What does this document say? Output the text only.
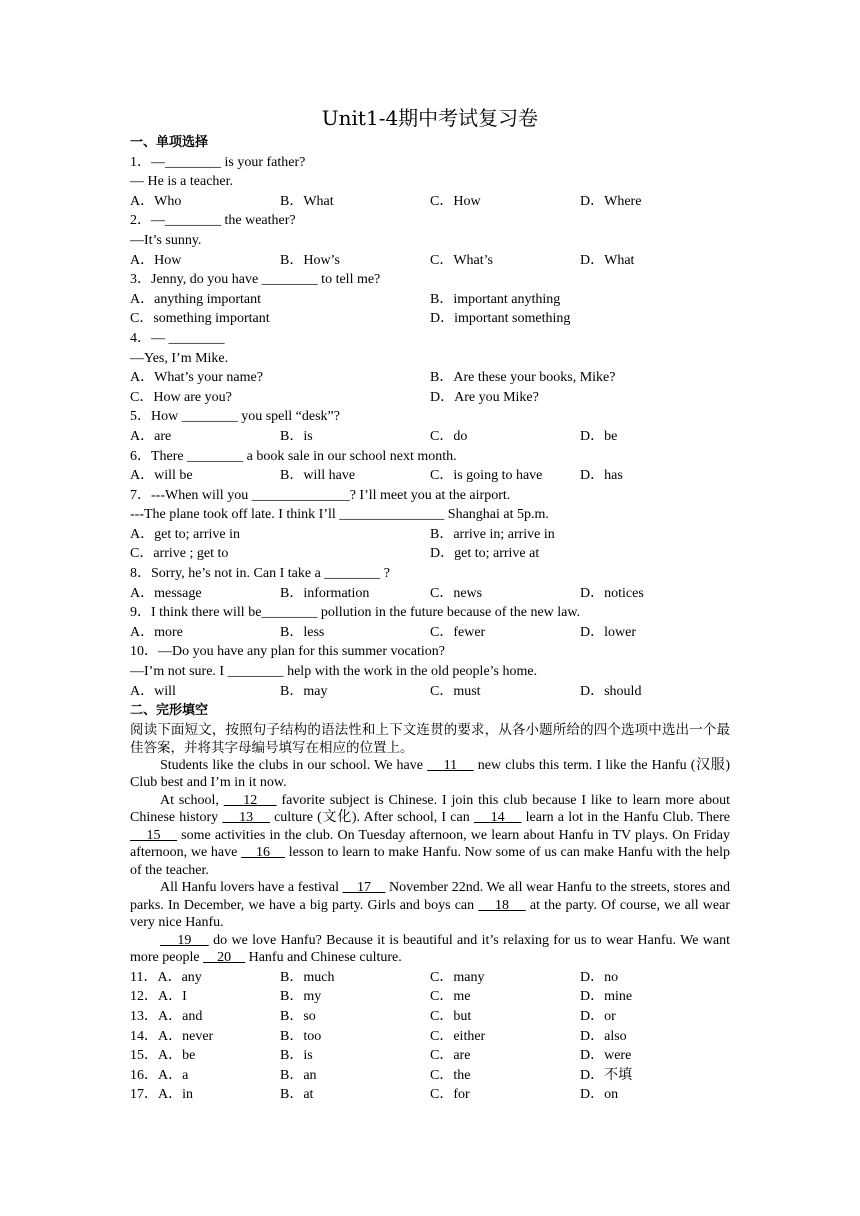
Unit1-4期中考试复习卷
一、单项选择
1．—________ is your father?
— He is a teacher.
A．Who	B．What	C．How	D．Where
2．—________ the weather?
—It’s sunny.
A．How	B．How’s	C．What’s	D．What
3．Jenny, do you have ________ to tell me?
A．anything important	B．important anything
C．something important	D．important something
4．— ________
—Yes, I’m Mike.
A．What’s your name?	B．Are these your books, Mike?
C．How are you?	D．Are you Mike?
5．How ________ you spell “desk”?
A．are	B．is	C．do	D．be
6．There ________ a book sale in our school next month.
A．will be	B．will have	C．is going to have	D．has
7．---When will you ______________? I’ll meet you at the airport.
---The plane took off late. I think I’ll _______________ Shanghai at 5p.m.
A．get to; arrive in	B．arrive in; arrive in
C．arrive ; get to	D．get to; arrive at
8．Sorry, he’s not in. Can I take a ________ ?
A．message	B．information	C．news	D．notices
9．I think there will be________ pollution in the future because of the new law.
A．more	B．less	C．fewer	D．lower
10．—Do you have any plan for this summer vocation?
—I’m not sure. I ________ help with the work in the old people’s home.
A．will	B．may	C．must	D．should
二、完形填空
阅读下面短文，按照句子结构的语法性和上下文连贯的要求，从各小题所给的四个选项中选出一个最佳答案，并将其字母编号填写在相应的位置上。
Students like the clubs in our school. We have     11     new clubs this term. I like the Hanfu (汉服) Club best and I’m in it now.
At school,     12     favorite subject is Chinese. I join this club because I like to learn more about Chinese history     13     culture (文化). After school, I can     14     learn a lot in the Hanfu Club. There     15     some activities in the club. On Tuesday afternoon, we learn about Hanfu in TV plays. On Friday afternoon, we have     16     lesson to learn to make Hanfu. Now some of us can make Hanfu with the help of the teacher.
All Hanfu lovers have a festival     17     November 22nd. We all wear Hanfu to the streets, stores and parks. In December, we have a big party. Girls and boys can     18     at the party. Of course, we all wear very nice Hanfu.
19     do we love Hanfu? Because it is beautiful and it’s relaxing for us to wear Hanfu. We want more people     20     Hanfu and Chinese culture.
11．A．any	B．much	C．many	D．no
12．A．I	B．my	C．me	D．mine
13．A．and	B．so	C．but	D．or
14．A．never	B．too	C．either	D．also
15．A．be	B．is	C．are	D．were
16．A．a	B．an	C．the	D．不填
17．A．in	B．at	C．for	D．on
